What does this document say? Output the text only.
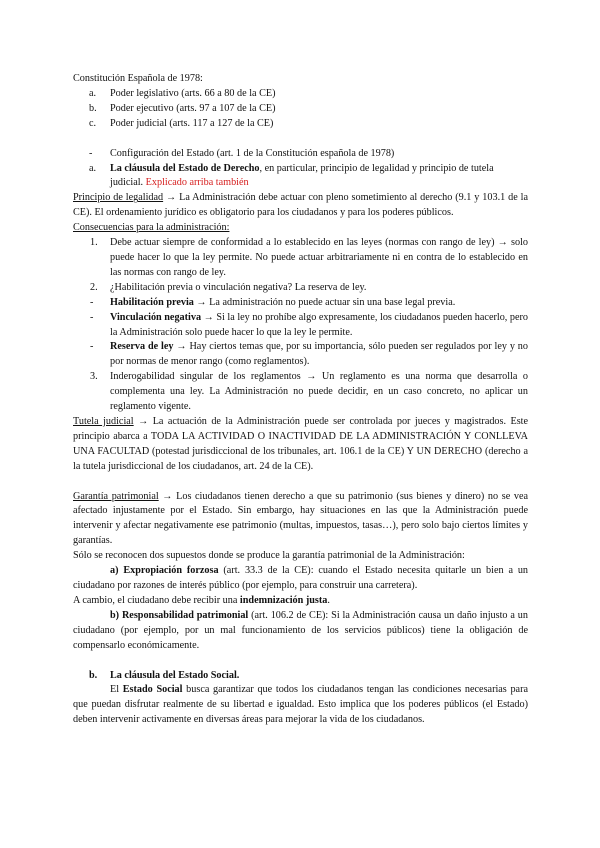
Constitución Española de 1978:

a. Poder legislativo (arts. 66 a 80 de la CE)
b. Poder ejecutivo (arts. 97 a 107 de la CE)
c. Poder judicial (arts. 117 a 127 de la CE)
- Configuración del Estado (art. 1 de la Constitución española de 1978)
a. La cláusula del Estado de Derecho, en particular, principio de legalidad y principio de tutela judicial. Explicado arriba también

Principio de legalidad → La Administración debe actuar con pleno sometimiento al derecho (9.1 y 103.1 de la CE). El ordenamiento jurídico es obligatorio para los ciudadanos y para los poderes públicos.

Consecuencias para la administración:

1. Debe actuar siempre de conformidad a lo establecido en las leyes (normas con rango de ley) → solo puede hacer lo que la ley permite. No puede actuar arbitrariamente ni en contra de lo establecido en las normas con rango de ley.
2. ¿Habilitación previa o vinculación negativa? La reserva de ley.
- Habilitación previa → La administración no puede actuar sin una base legal previa.
- Vinculación negativa → Si la ley no prohíbe algo expresamente, los ciudadanos pueden hacerlo, pero la Administración solo puede hacer lo que la ley le permite.
- Reserva de ley → Hay ciertos temas que, por su importancia, sólo pueden ser regulados por ley y no por normas de menor rango (como reglamentos).
3. Inderogabilidad singular de los reglamentos → Un reglamento es una norma que desarrolla o complementa una ley. La Administración no puede decidir, en un caso concreto, no aplicar un reglamento vigente.

Tutela judicial → La actuación de la Administración puede ser controlada por jueces y magistrados. Este principio abarca a TODA LA ACTIVIDAD O INACTIVIDAD DE LA ADMINISTRACIÓN Y CONLLEVA UNA FACULTAD (potestad jurisdiccional de los tribunales, art. 106.1 de la CE) Y UN DERECHO (derecho a la tutela jurisdiccional de los ciudadanos, art. 24 de la CE).

Garantía patrimonial → Los ciudadanos tienen derecho a que su patrimonio (sus bienes y dinero) no se vea afectado injustamente por el Estado. Sin embargo, hay situaciones en las que la Administración puede intervenir y afectar negativamente ese patrimonio (multas, impuestos, tasas…), pero solo bajo ciertos límites y garantías.

Sólo se reconocen dos supuestos donde se produce la garantía patrimonial de la Administración:

a) Expropiación forzosa (art. 33.3 de la CE): cuando el Estado necesita quitarle un bien a un ciudadano por razones de interés público (por ejemplo, para construir una carretera).

A cambio, el ciudadano debe recibir una indemnización justa.

b) Responsabilidad patrimonial (art. 106.2 de CE): Si la Administración causa un daño injusto a un ciudadano (por ejemplo, por un mal funcionamiento de los servicios públicos) tiene la obligación de compensarlo económicamente.

b. La cláusula del Estado Social.

El Estado Social busca garantizar que todos los ciudadanos tengan las condiciones necesarias para que puedan disfrutar realmente de su libertad e igualdad. Esto implica que los poderes públicos (el Estado) deben intervenir activamente en diversas áreas para mejorar la vida de los ciudadanos.
